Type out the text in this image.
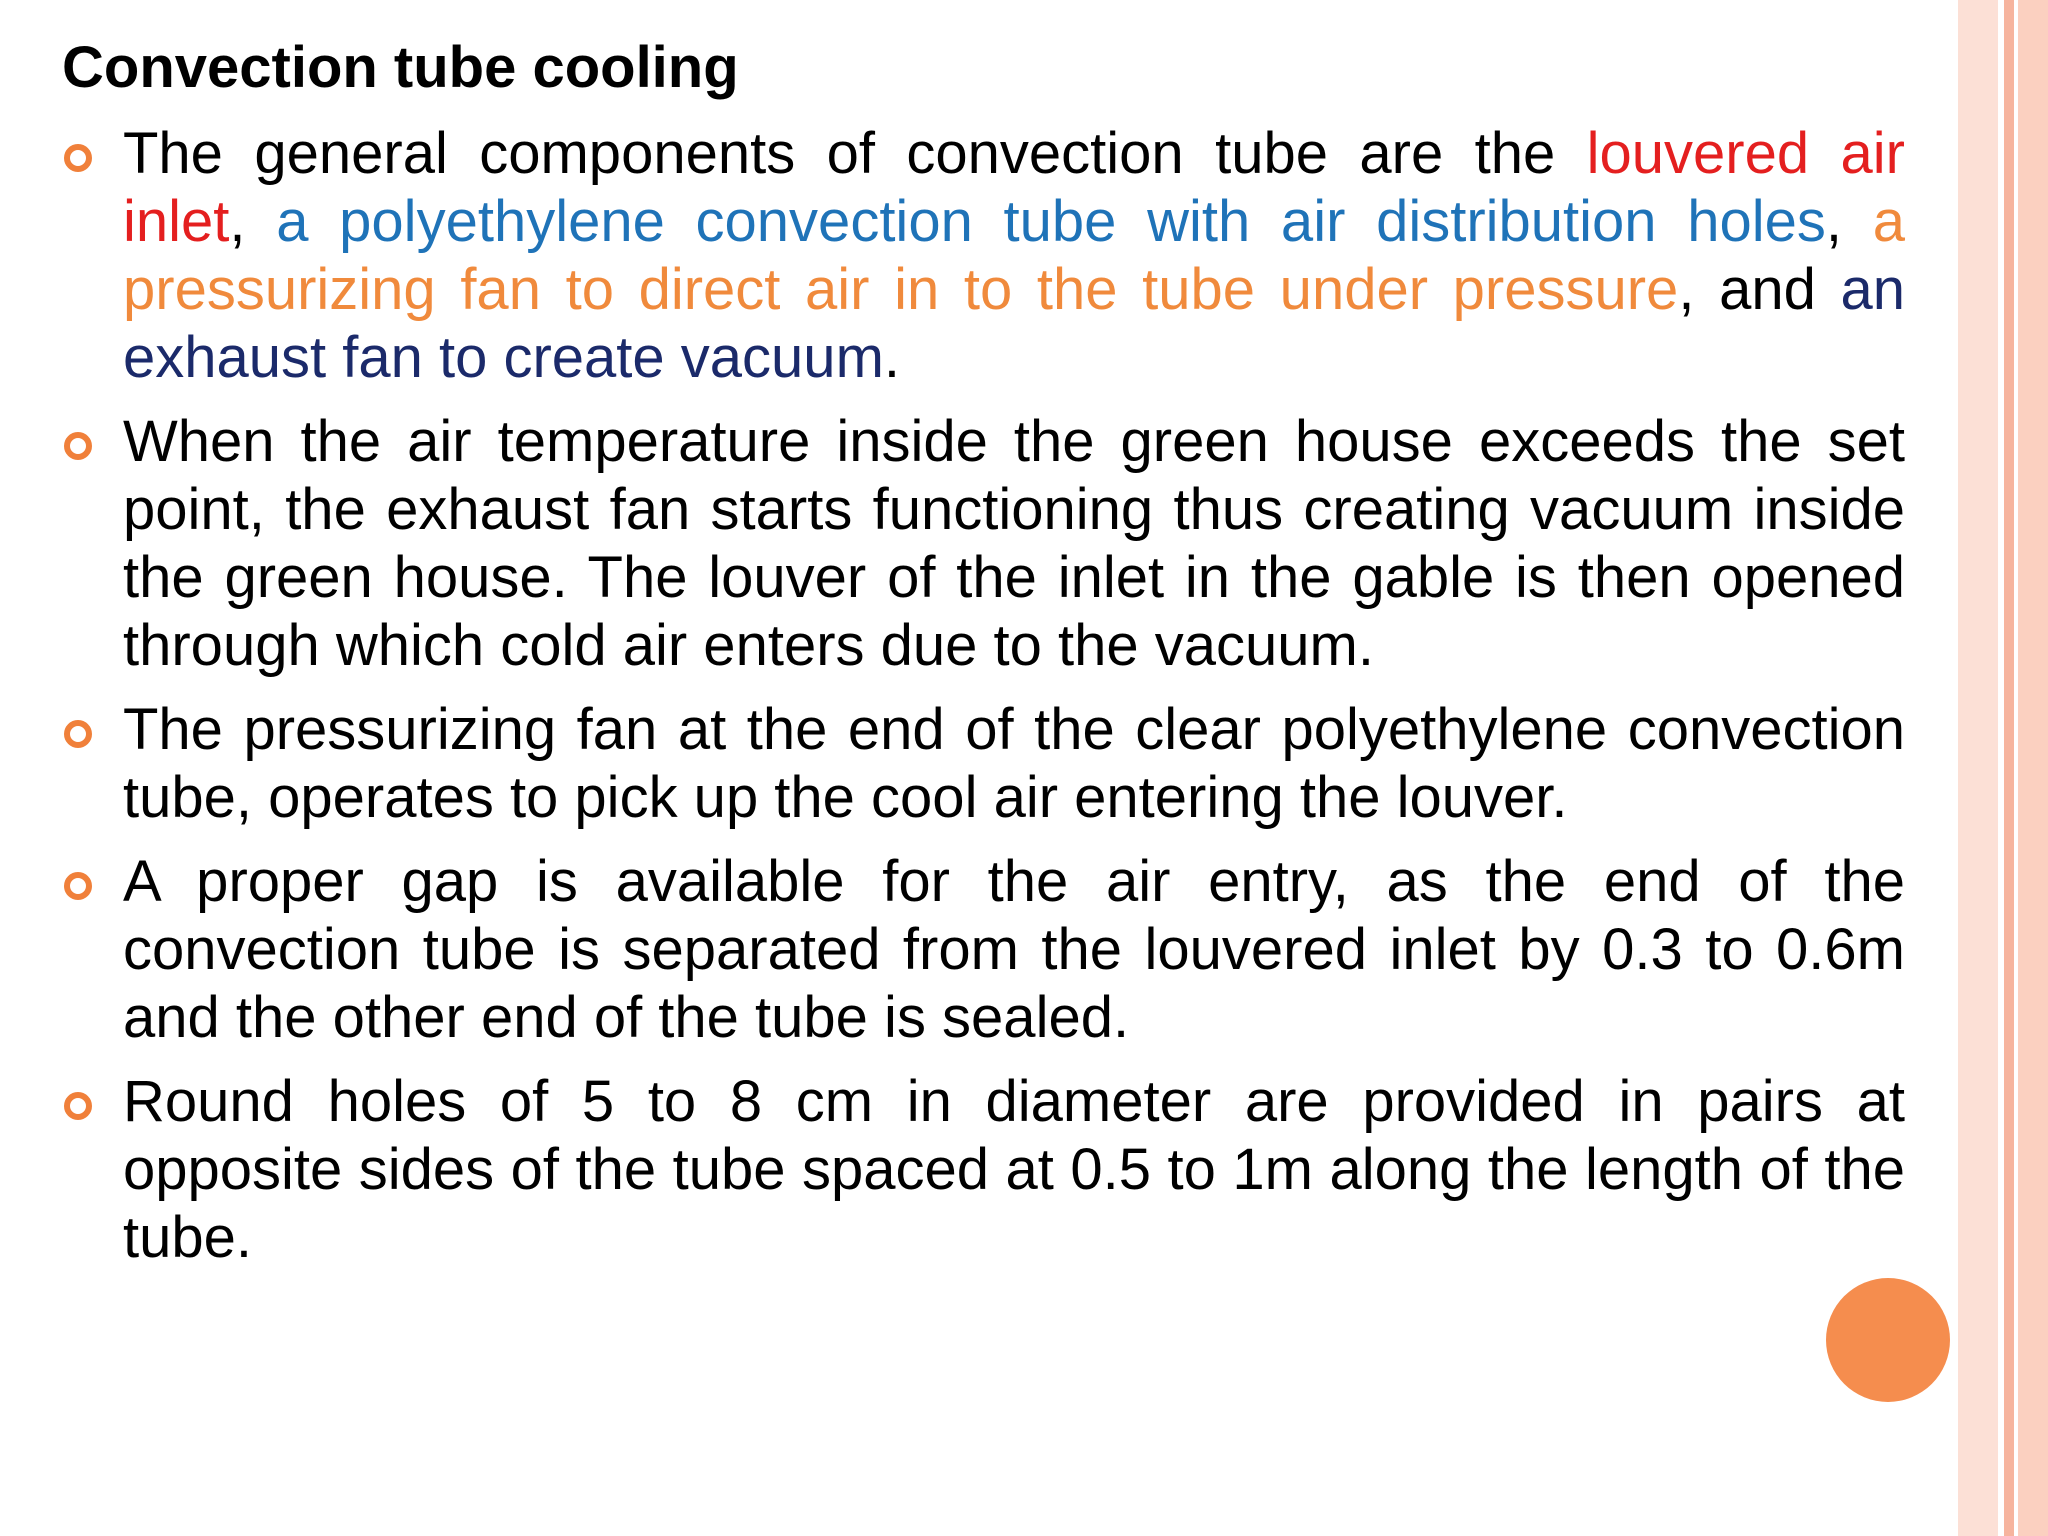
Convection tube cooling
The general components of convection tube are the louvered air inlet, a polyethylene convection tube with air distribution holes, a pressurizing fan to direct air in to the tube under pressure, and an exhaust fan to create vacuum.
When the air temperature inside the green house exceeds the set point, the exhaust fan starts functioning thus creating vacuum inside the green house. The louver of the inlet in the gable is then opened through which cold air enters due to the vacuum.
The pressurizing fan at the end of the clear polyethylene convection tube, operates to pick up the cool air entering the louver.
A proper gap is available for the air entry, as the end of the convection tube is separated from the louvered inlet by 0.3 to 0.6m and the other end of the tube is sealed.
Round holes of 5 to 8 cm in diameter are provided in pairs at opposite sides of the tube spaced at 0.5 to 1m along the length of the tube.
